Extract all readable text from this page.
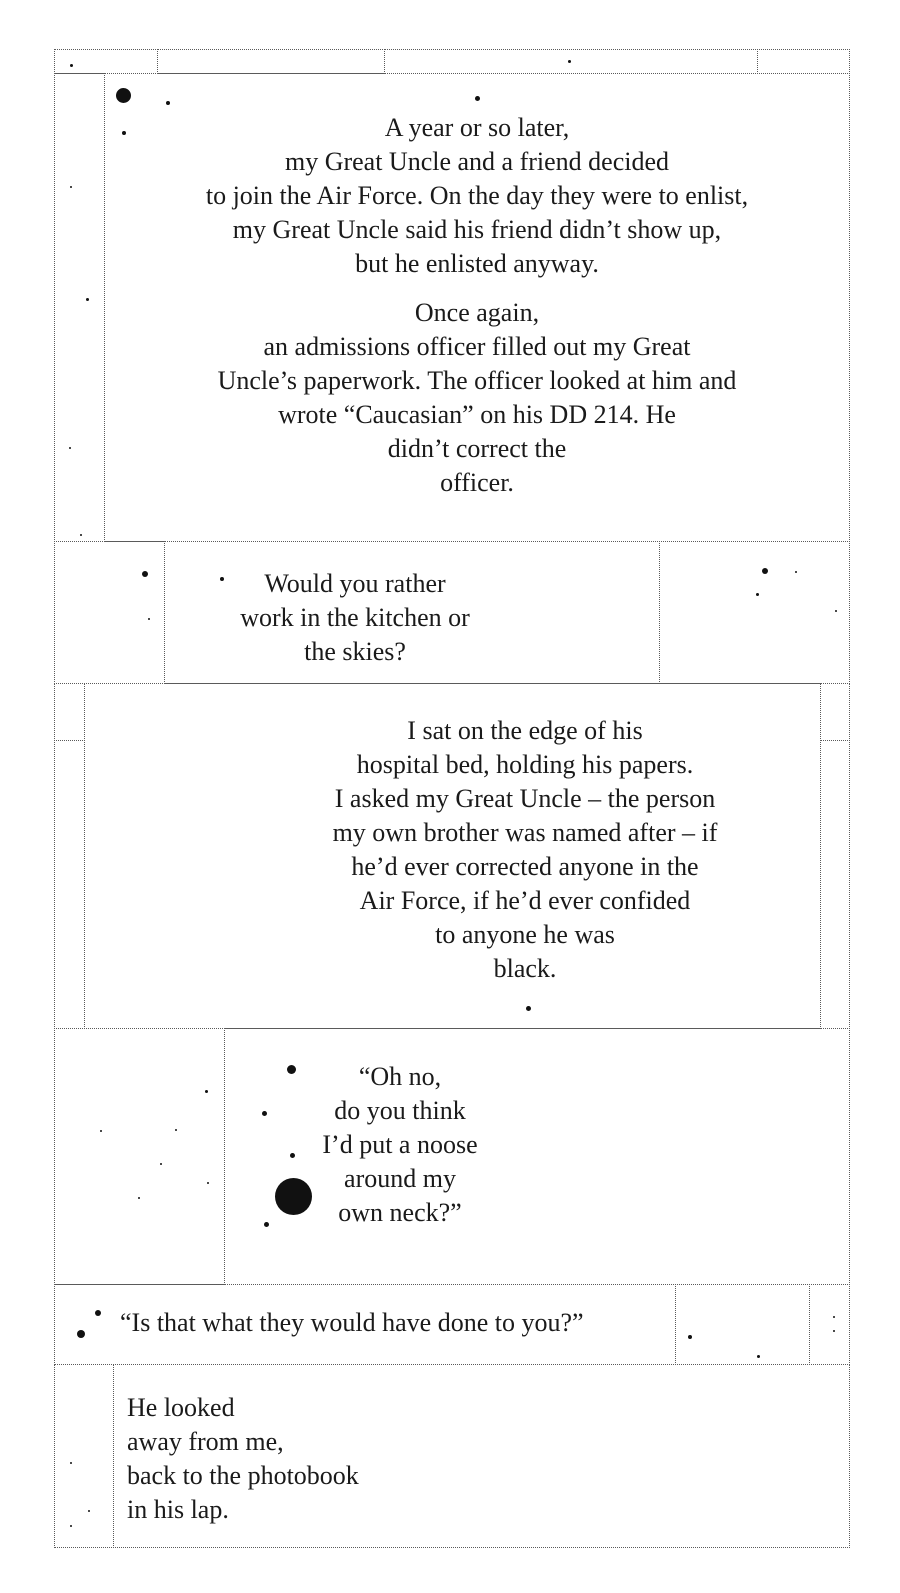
A year or so later,
my Great Uncle and a friend decided
to join the Air Force. On the day they were to enlist,
my Great Uncle said his friend didn’t show up,
but he enlisted anyway.
Once again,
an admissions officer filled out my Great
Uncle’s paperwork. The officer looked at him and
wrote “Caucasian” on his DD 214. He
didn’t correct the
officer.
Would you rather
work in the kitchen or
the skies?
I sat on the edge of his
hospital bed, holding his papers.
I asked my Great Uncle – the person
my own brother was named after – if
he’d ever corrected anyone in the
Air Force, if he’d ever confided
to anyone he was
black.
“Oh no,
do you think
I’d put a noose
around my
own neck?”
“Is that what they would have done to you?”
He looked
away from me,
back to the photobook
in his lap.
